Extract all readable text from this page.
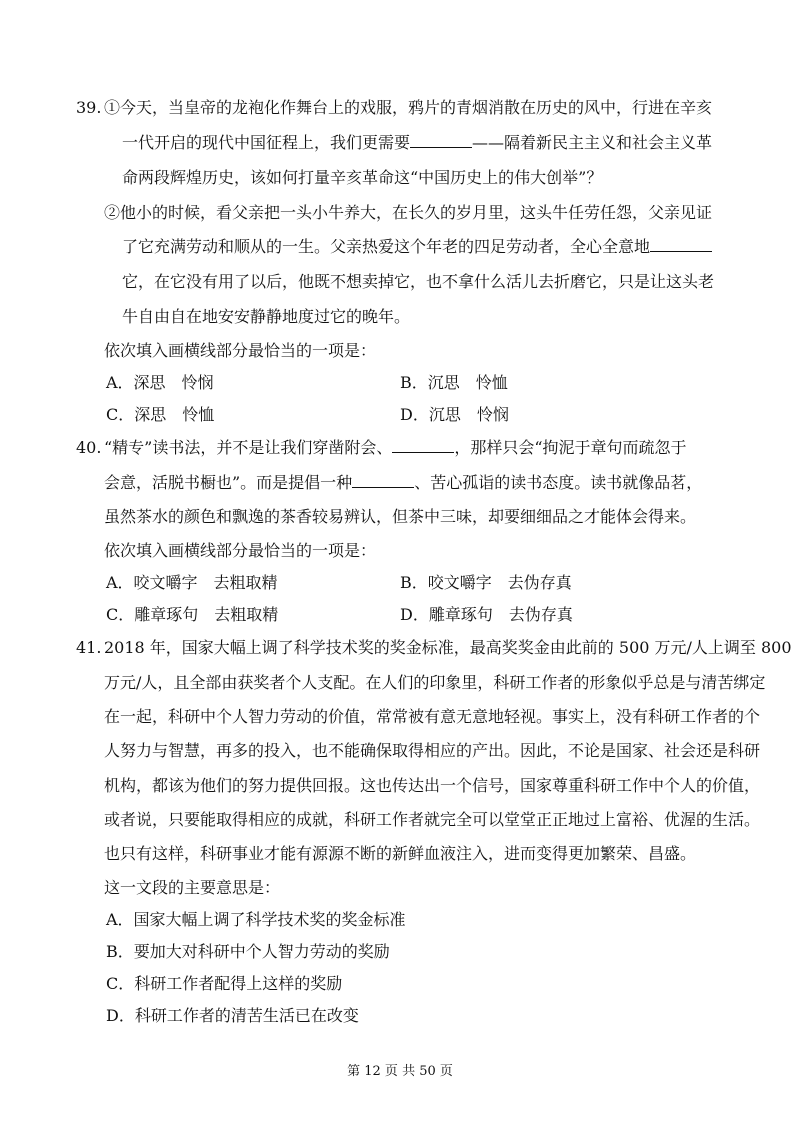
39. ①今天，当皇帝的龙袍化作舞台上的戏服，鸦片的青烟消散在历史的风中，行进在辛亥
一代开启的现代中国征程上，我们更需要	——隔着新民主主义和社会主义革
命两段辉煌历史，该如何打量辛亥革命这“中国历史上的伟大创举”？
②他小的时候，看父亲把一头小牛养大，在长久的岁月里，这头牛任劳任怨，父亲见证
了它充满劳动和顺从的一生。父亲热爱这个年老的四足劳动者，全心全意地
它，在它没有用了以后，他既不想卖掉它，也不拿什么活儿去折磨它，只是让这头老
牛自由自在地安安静静地度过它的晚年。
依次填入画横线部分最恰当的一项是：
A．深思　怜悯	B．沉思　怜恤
C．深思　怜恤	D．沉思　怜悯
40. “精专”读书法，并不是让我们穿凿附会、	，那样只会“拘泥于章句而疏忽于
会意，活脱书橱也”。而是提倡一种	、苦心孤诣的读书态度。读书就像品茗，
虽然茶水的颜色和飘逸的茶香较易辨认，但茶中三味，却要细细品之才能体会得来。
依次填入画横线部分最恰当的一项是：
A．咬文嚼字　去粗取精	B．咬文嚼字　去伪存真
C．雕章琢句　去粗取精	D．雕章琢句　去伪存真
41. 2018 年，国家大幅上调了科学技术奖的奖金标准，最高奖奖金由此前的 500 万元/人上调至 800
万元/人，且全部由获奖者个人支配。在人们的印象里，科研工作者的形象似乎总是与清苦绑定
在一起，科研中个人智力劳动的价值，常常被有意无意地轻视。事实上，没有科研工作者的个
人努力与智慧，再多的投入，也不能确保取得相应的产出。因此，不论是国家、社会还是科研
机构，都该为他们的努力提供回报。这也传达出一个信号，国家尊重科研工作中个人的价值，
或者说，只要能取得相应的成就，科研工作者就完全可以堂堂正正地过上富裕、优渥的生活。
也只有这样，科研事业才能有源源不断的新鲜血液注入，进而变得更加繁荣、昌盛。
这一文段的主要意思是：
A．国家大幅上调了科学技术奖的奖金标准
B．要加大对科研中个人智力劳动的奖励
C．科研工作者配得上这样的奖励
D．科研工作者的清苦生活已在改变
第 12 页 共 50 页
